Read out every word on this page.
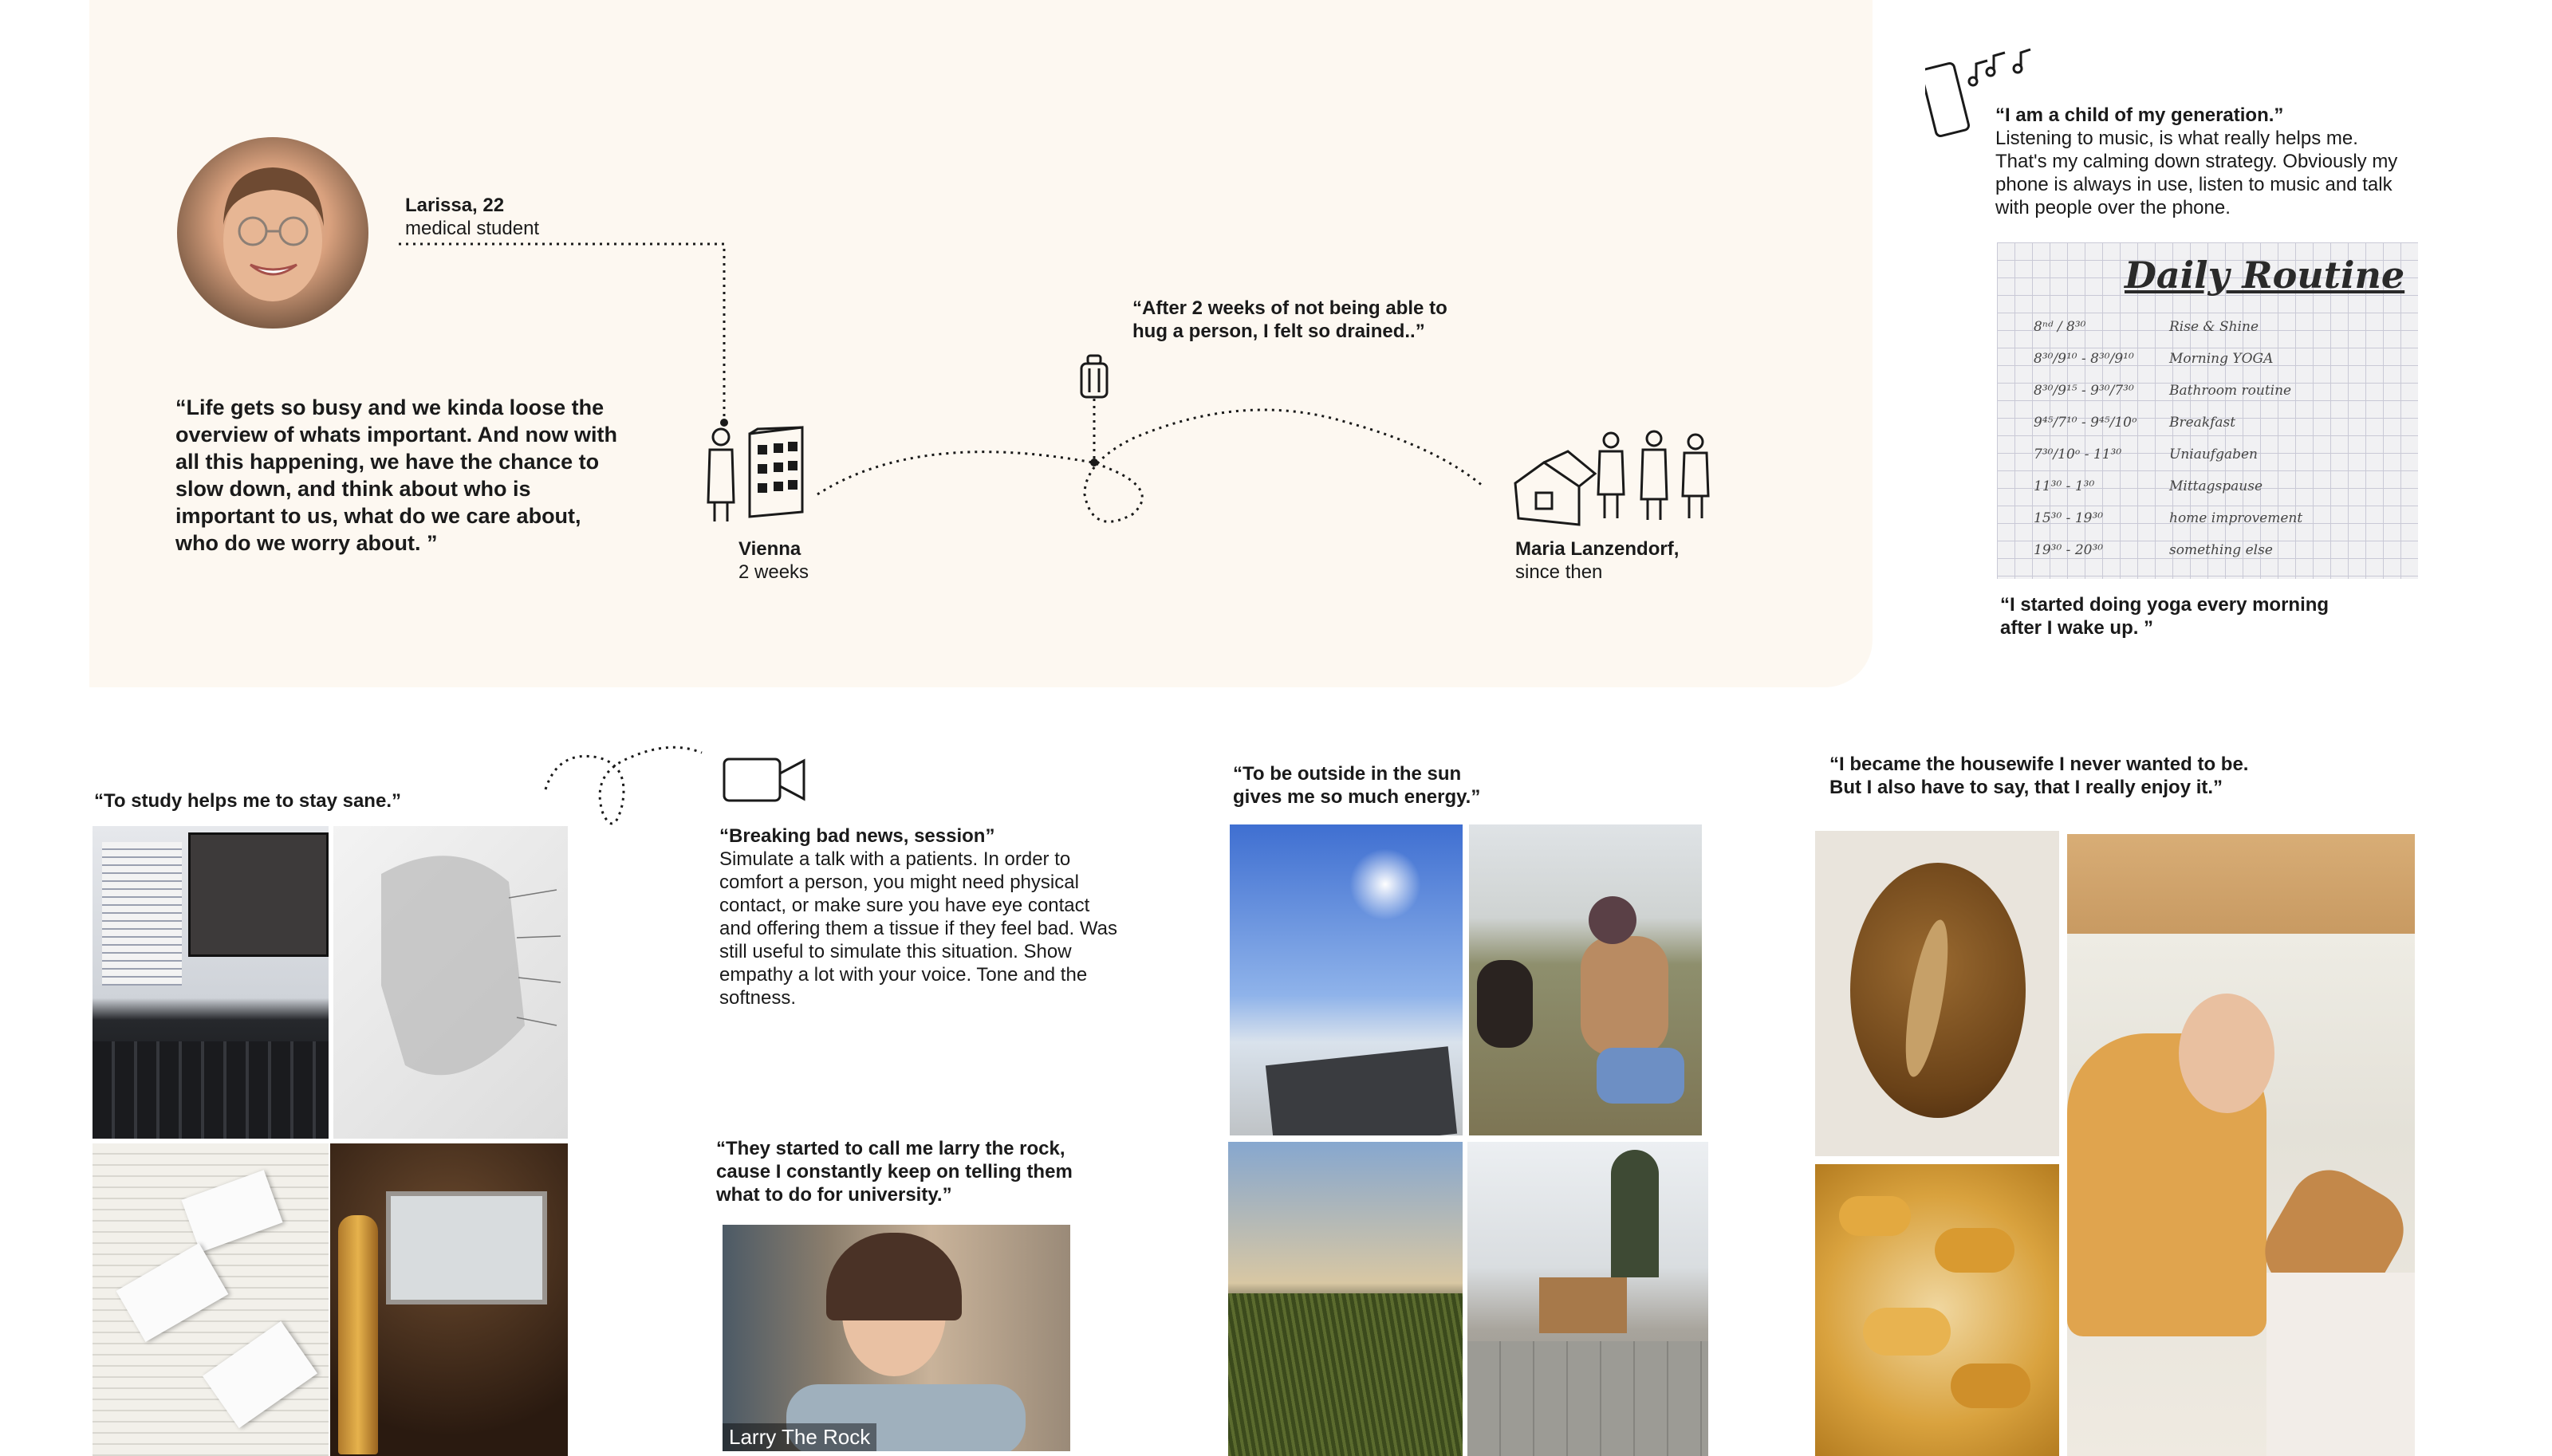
Larissa, 22
medical student
“Life gets so busy and we kinda loose the overview of whats important. And now with all this happening, we have the chance to slow down, and think about who is important to us, what do we care about, who do we worry about. ”	Vienna
2 weeks
“After 2 weeks of not being able to hug a person, I felt so drained..”
Maria Lanzendorf,
since then
“I am a child of my generation.”
Listening to music, is what really helps me. That's my calming down strategy. Obviously my phone is always in use, listen to music and talk with people over the phone.
Daily Routine
8ⁿᵈ / 8³⁰	Rise & Shine
8³⁰/9¹⁰ - 8³⁰/9¹⁰	Morning YOGA
8³⁰/9¹⁵ - 9³⁰/7³⁰	Bathroom routine
9⁴⁵/7¹⁰ - 9⁴⁵/10ᵒ	Breakfast
7³⁰/10ᵒ - 11³⁰	Uniaufgaben
11³⁰ - 1³⁰	Mittagspause
15³⁰ - 19³⁰	home improvement
19³⁰ - 20³⁰	something else
“I started doing yoga every morning after I wake up. ”
“To study helps me to stay sane.”
“Breaking bad news, session”
Simulate a talk with a patients. In order to comfort a person, you might need physical contact, or make sure you have eye contact and offering them a tissue if they feel bad. Was still useful to simulate this situation. Show empathy a lot with your voice. Tone and the softness.
“They started to call me larry the rock, cause I constantly keep on telling them what to do for university.”
Larry The Rock
“To be outside in the sun gives me so much energy.”
“I became the housewife I never wanted to be. But I also have to say, that I really enjoy it.”
